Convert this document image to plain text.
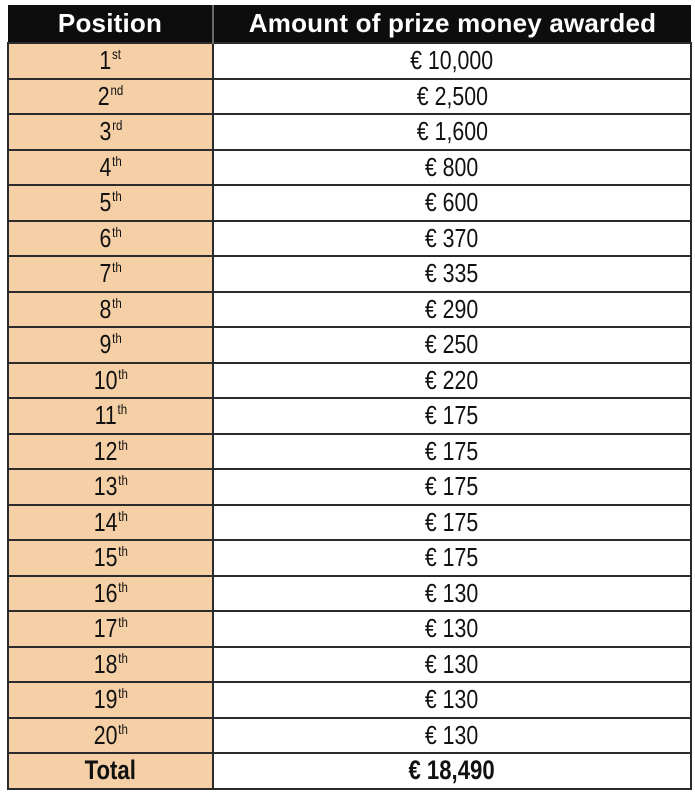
Position	Amount of prize money awarded
1st	€ 10,000
2nd	€ 2,500
3rd	€ 1,600
4th	€ 800
5th	€ 600
6th	€ 370
7th	€ 335
8th	€ 290
9th	€ 250
10th	€ 220
11th	€ 175
12th	€ 175
13th	€ 175
14th	€ 175
15th	€ 175
16th	€ 130
17th	€ 130
18th	€ 130
19th	€ 130
20th	€ 130
Total	€ 18,490
